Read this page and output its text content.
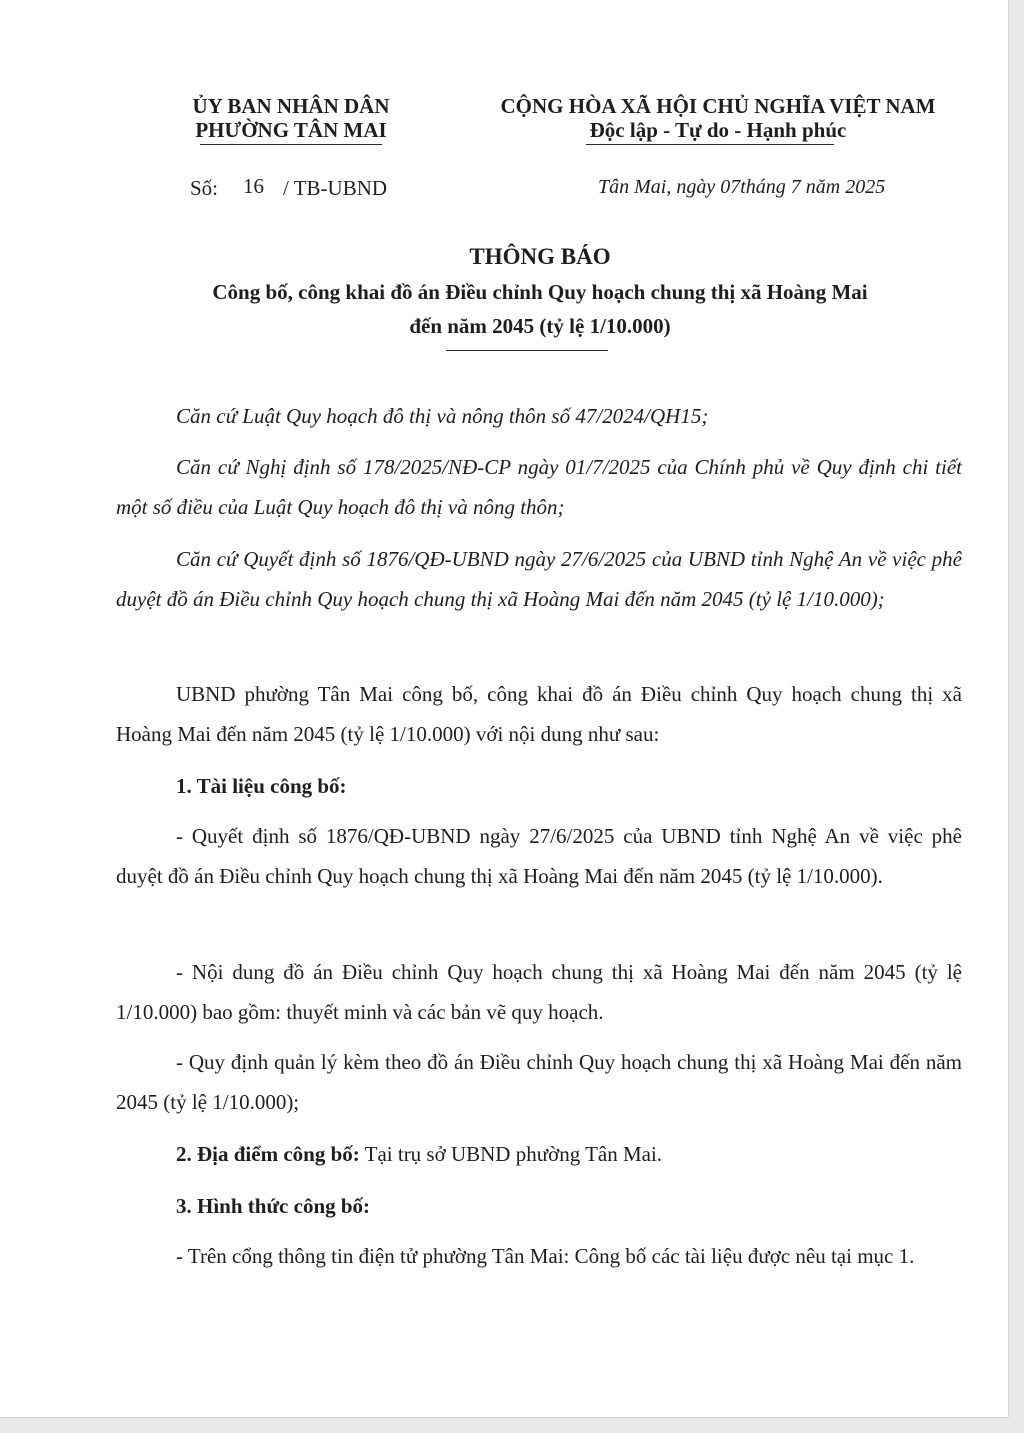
ỦY BAN NHÂN DÂN
PHƯỜNG TÂN MAI
CỘNG HÒA XÃ HỘI CHỦ NGHĨA VIỆT NAM
Độc lập - Tự do - Hạnh phúc
Số: 16 / TB-UBND	Tân Mai, ngày 07tháng 7 năm 2025
THÔNG BÁO
Công bố, công khai đồ án Điều chỉnh Quy hoạch chung thị xã Hoàng Mai
đến năm 2045 (tỷ lệ 1/10.000)
Căn cứ Luật Quy hoạch đô thị và nông thôn số 47/2024/QH15;
Căn cứ Nghị định số 178/2025/NĐ-CP ngày 01/7/2025 của Chính phủ về Quy định chi tiết một số điều của Luật Quy hoạch đô thị và nông thôn;
Căn cứ Quyết định số 1876/QĐ-UBND ngày 27/6/2025 của UBND tỉnh Nghệ An về việc phê duyệt đồ án Điều chỉnh Quy hoạch chung thị xã Hoàng Mai đến năm 2045 (tỷ lệ 1/10.000);
UBND phường Tân Mai công bố, công khai đồ án Điều chỉnh Quy hoạch chung thị xã Hoàng Mai đến năm 2045 (tỷ lệ 1/10.000) với nội dung như sau:
1. Tài liệu công bố:
- Quyết định số 1876/QĐ-UBND ngày 27/6/2025 của UBND tỉnh Nghệ An về việc phê duyệt đồ án Điều chỉnh Quy hoạch chung thị xã Hoàng Mai đến năm 2045 (tỷ lệ 1/10.000).
- Nội dung đồ án Điều chỉnh Quy hoạch chung thị xã Hoàng Mai đến năm 2045 (tỷ lệ 1/10.000) bao gồm: thuyết minh và các bản vẽ quy hoạch.
- Quy định quản lý kèm theo đồ án Điều chỉnh Quy hoạch chung thị xã Hoàng Mai đến năm 2045 (tỷ lệ 1/10.000);
2. Địa điểm công bố: Tại trụ sở UBND phường Tân Mai.
3. Hình thức công bố:
- Trên cổng thông tin điện tử phường Tân Mai: Công bố các tài liệu được nêu tại mục 1.
